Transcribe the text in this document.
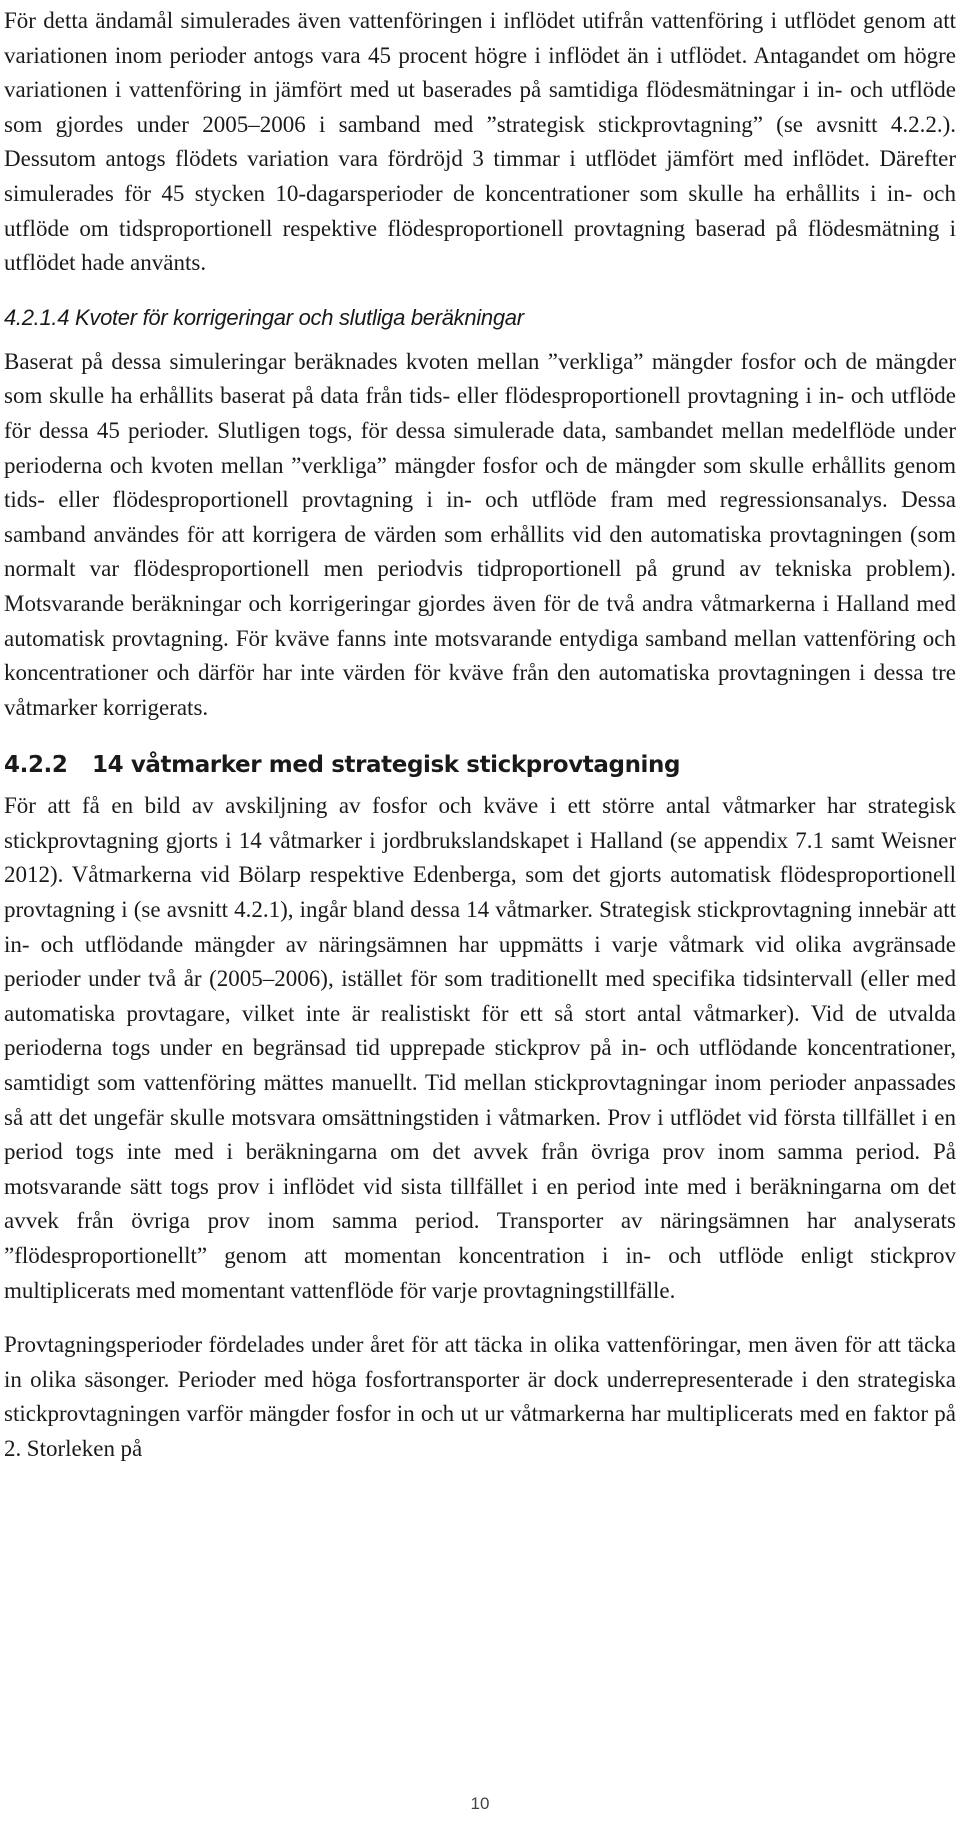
För detta ändamål simulerades även vattenföringen i inflödet utifrån vattenföring i utflödet genom att variationen inom perioder antogs vara 45 procent högre i inflödet än i utflödet. Antagandet om högre variationen i vattenföring in jämfört med ut baserades på samtidiga flödesmätningar i in- och utflöde som gjordes under 2005–2006 i samband med ”strategisk stickprovtagning” (se avsnitt 4.2.2.). Dessutom antogs flödets variation vara fördröjd 3 timmar i utflödet jämfört med inflödet. Därefter simulerades för 45 stycken 10-dagarsperioder de koncentrationer som skulle ha erhållits i in- och utflöde om tidsproportionell respektive flödesproportionell provtagning baserad på flödesmätning i utflödet hade använts.

4.2.1.4 Kvoter för korrigeringar och slutliga beräkningar

Baserat på dessa simuleringar beräknades kvoten mellan ”verkliga” mängder fosfor och de mängder som skulle ha erhållits baserat på data från tids- eller flödesproportionell provtagning i in- och utflöde för dessa 45 perioder. Slutligen togs, för dessa simulerade data, sambandet mellan medelflöde under perioderna och kvoten mellan ”verkliga” mängder fosfor och de mängder som skulle erhållits genom tids- eller flödesproportionell provtagning i in- och utflöde fram med regressionsanalys. Dessa samband användes för att korrigera de värden som erhållits vid den automatiska provtagningen (som normalt var flödesproportionell men periodvis tidproportionell på grund av tekniska problem). Motsvarande beräkningar och korrigeringar gjordes även för de två andra våtmarkerna i Halland med automatisk provtagning. För kväve fanns inte motsvarande entydiga samband mellan vattenföring och koncentrationer och därför har inte värden för kväve från den automatiska provtagningen i dessa tre våtmarker korrigerats.

4.2.2 14 våtmarker med strategisk stickprovtagning

För att få en bild av avskiljning av fosfor och kväve i ett större antal våtmarker har strategisk stickprovtagning gjorts i 14 våtmarker i jordbrukslandskapet i Halland (se appendix 7.1 samt Weisner 2012). Våtmarkerna vid Bölarp respektive Edenberga, som det gjorts automatisk flödesproportionell provtagning i (se avsnitt 4.2.1), ingår bland dessa 14 våtmarker. Strategisk stickprovtagning innebär att in- och utflödande mängder av näringsämnen har uppmätts i varje våtmark vid olika avgränsade perioder under två år (2005–2006), istället för som traditionellt med specifika tidsintervall (eller med automatiska provtagare, vilket inte är realistiskt för ett så stort antal våtmarker). Vid de utvalda perioderna togs under en begränsad tid upprepade stickprov på in- och utflödande koncentrationer, samtidigt som vattenföring mättes manuellt. Tid mellan stickprovtagningar inom perioder anpassades så att det ungefär skulle motsvara omsättningstiden i våtmarken. Prov i utflödet vid första tillfället i en period togs inte med i beräkningarna om det avvek från övriga prov inom samma period. På motsvarande sätt togs prov i inflödet vid sista tillfället i en period inte med i beräkningarna om det avvek från övriga prov inom samma period. Transporter av näringsämnen har analyserats ”flödesproportionellt” genom att momentan koncentration i in- och utflöde enligt stickprov multiplicerats med momentant vattenflöde för varje provtagningstillfälle.

Provtagningsperioder fördelades under året för att täcka in olika vattenföringar, men även för att täcka in olika säsonger. Perioder med höga fosfortransporter är dock underrepresenterade i den strategiska stickprovtagningen varför mängder fosfor in och ut ur våtmarkerna har multiplicerats med en faktor på 2. Storleken på

10
